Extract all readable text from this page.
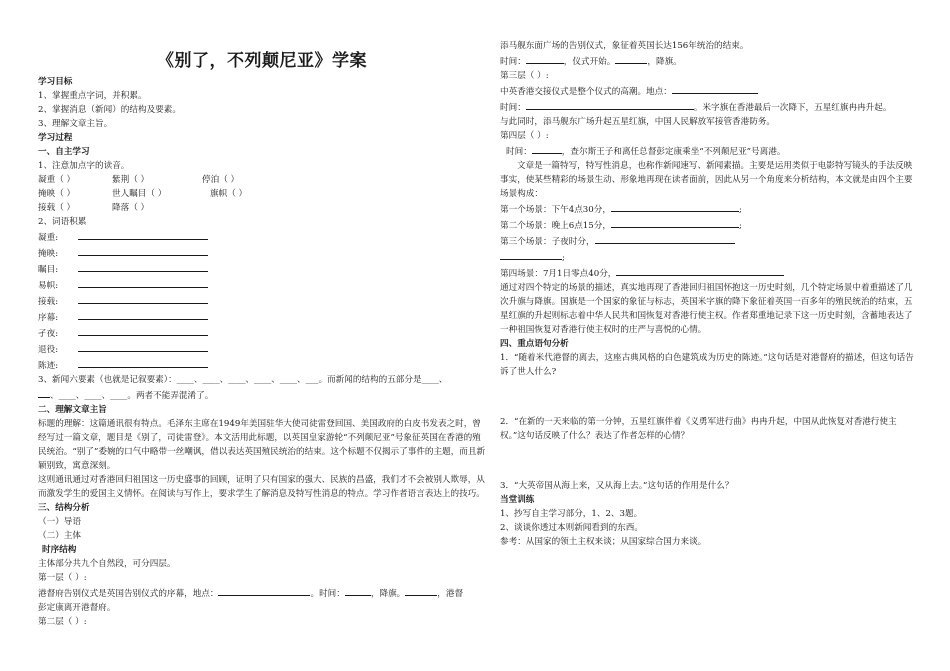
《别了，不列颠尼亚》学案
学习目标
1、掌握重点字词，并积累。
2、掌握消息（新闻）的结构及要素。
3、理解文章主旨。
学习过程
一、自主学习
1、注意加点字的读音。
凝重（ ）	紫荆（ ）	停泊（ ）
掩映（ ）	世人瞩目（ ）	旗帜（ ）
接载（ ）	降落（ ）
2、词语积累
凝重:
掩映:
瞩目:
易帜:
接载:
序幕:
孑夜:
退役:
陈迹:
3、新闻六要素（也就是记叙要素）：____、____、____、____、____、___。而新闻的结构的五部分是____、
、____、____、____。两者不能弄混淆了。
二、理解文章主旨
标题的理解：这篇通讯很有特点。毛泽东主席在1949年美国驻华大使司徒雷登回国、美国政府的白皮书发表之时，曾经写过一篇文章，题目是《别了，司徒雷登》。本文活用此标题，以英国皇家游轮“不列颠尼亚”号象征英国在香港的殖民统治。“别了”委婉的口气中略带一丝嘲讽，借以表达英国殖民统治的结束。这个标题不仅揭示了事件的主题，而且新颖别致，寓意深刻。
这则通讯通过对香港回归祖国这一历史盛事的回顾，证明了只有国家的强大、民族的昌盛，我们才不会被别人欺辱，从而激发学生的爱国主义情怀。在阅读与写作上，要求学生了解消息及特写性消息的特点。学习作者语言表达上的技巧。
三、结构分析
（一）导语
（二）主体
时序结构
主体部分共九个自然段，可分四层。
第一层（ ）:
港督府告别仪式是英国告别仪式的序幕，地点：	。时间：	，降旗。	，港督
彭定康离开港督府。
第二层（ ）:
添马舰东面广场的告别仪式，象征着英国长达156年统治的结束。
时间：	，仪式开始。	，降旗。
第三层（ ）:
中英香港交接仪式是整个仪式的高潮。地点：
时间：	。米字旗在香港最后一次降下，五星红旗冉冉升起。
与此同时，添马舰东广场升起五星红旗，中国人民解放军接管香港防务。
第四层（ ）:
时间：	，查尔斯王子和离任总督彭定康乘坐“不列颠尼亚”号离港。
文章是一篇特写，特写性消息，也称作新闻速写、新闻素描。主要是运用类似于电影特写镜头的手法反映事实，使某些精彩的场景生动、形象地再现在读者面前，因此从另一个角度来分析结构，本文就是由四个主要场景构成：
第一个场景：下午4点30分，	;
第二个场景：晚上6点15分，	;
第三个场景：子夜时分，
;
第四场景：7月1日零点40分，
通过对四个特定的场景的描述，真实地再现了香港回归祖国怀抱这一历史时刻，几个特定场景中着重描述了几次升旗与降旗。国旗是一个国家的象征与标志，英国米字旗的降下象征着英国一百多年的殖民统治的结束，五星红旗的升起则标志着中华人民共和国恢复对香港行使主权。作者郑重地记录下这一历史时刻，含蓄地表达了一种祖国恢复对香港行使主权时的庄严与喜悦的心情。
四、重点语句分析
1．“随着米代港督的离去，这座古典风格的白色建筑成为历史的陈迹。”这句话是对港督府的描述，但这句话告诉了世人什么?
2．“在新的一天来临的第一分钟，五星红旗伴着《义勇军进行曲》冉冉升起，中国从此恢复对香港行使主权。”这句话反映了什么？表达了作者怎样的心情？
3．“大英帝国从海上来，又从海上去。”这句话的作用是什么？
当堂训练
1、抄写自主学习部分，1、2、3题。
2、谈谈你透过本则新闻看到的东西。
参考：从国家的领土主权来谈；从国家综合国力来谈。
